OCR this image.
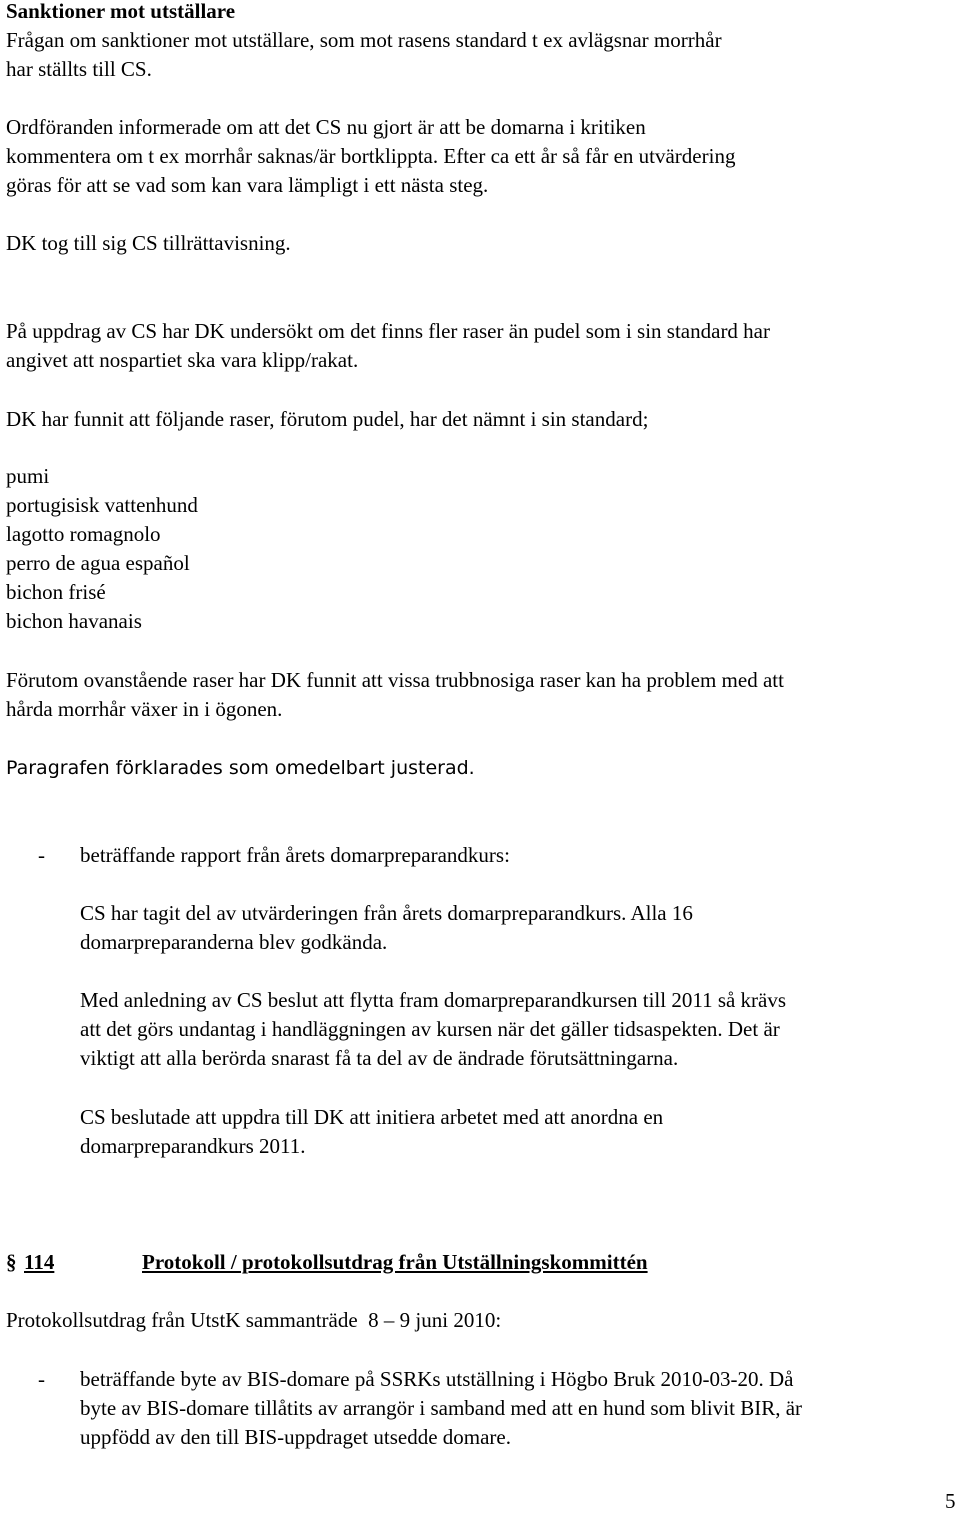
Sanktioner mot utställare
Frågan om sanktioner mot utställare, som mot rasens standard t ex avlägsnar morrhår
har ställts till CS.
Ordföranden informerade om att det CS nu gjort är att be domarna i kritiken
kommentera om t ex morrhår saknas/är bortklippta. Efter ca ett år så får en utvärdering
göras för att se vad som kan vara lämpligt i ett nästa steg.
DK tog till sig CS tillrättavisning.
På uppdrag av CS har DK undersökt om det finns fler raser än pudel som i sin standard har
angivet att nospartiet ska vara klipp/rakat.
DK har funnit att följande raser, förutom pudel, har det nämnt i sin standard;
pumi
portugisisk vattenhund
lagotto romagnolo
perro de agua español
bichon frisé
bichon havanais
Förutom ovanstående raser har DK funnit att vissa trubbnosiga raser kan ha problem med att
hårda morrhår växer in i ögonen.
Paragrafen förklarades som omedelbart justerad.
- beträffande rapport från årets domarpreparandkurs:
CS har tagit del av utvärderingen från årets domarpreparandkurs. Alla 16
domarpreparanderna blev godkända.
Med anledning av CS beslut att flytta fram domarpreparandkursen till 2011 så krävs
att det görs undantag i handläggningen av kursen när det gäller tidsaspekten. Det är
viktigt att alla berörda snarast få ta del av de ändrade förutsättningarna.
CS beslutade att uppdra till DK att initiera arbetet med att anordna en
domarpreparandkurs 2011.
§ 114	Protokoll / protokollsutdrag från Utställningskommittén
Protokollsutdrag från UtstK sammanträde  8 – 9 juni 2010:
- beträffande byte av BIS-domare på SSRKs utställning i Högbo Bruk 2010-03-20. Då
byte av BIS-domare tillåtits av arrangör i samband med att en hund som blivit BIR, är
uppfödd av den till BIS-uppdraget utsedde domare.
5
